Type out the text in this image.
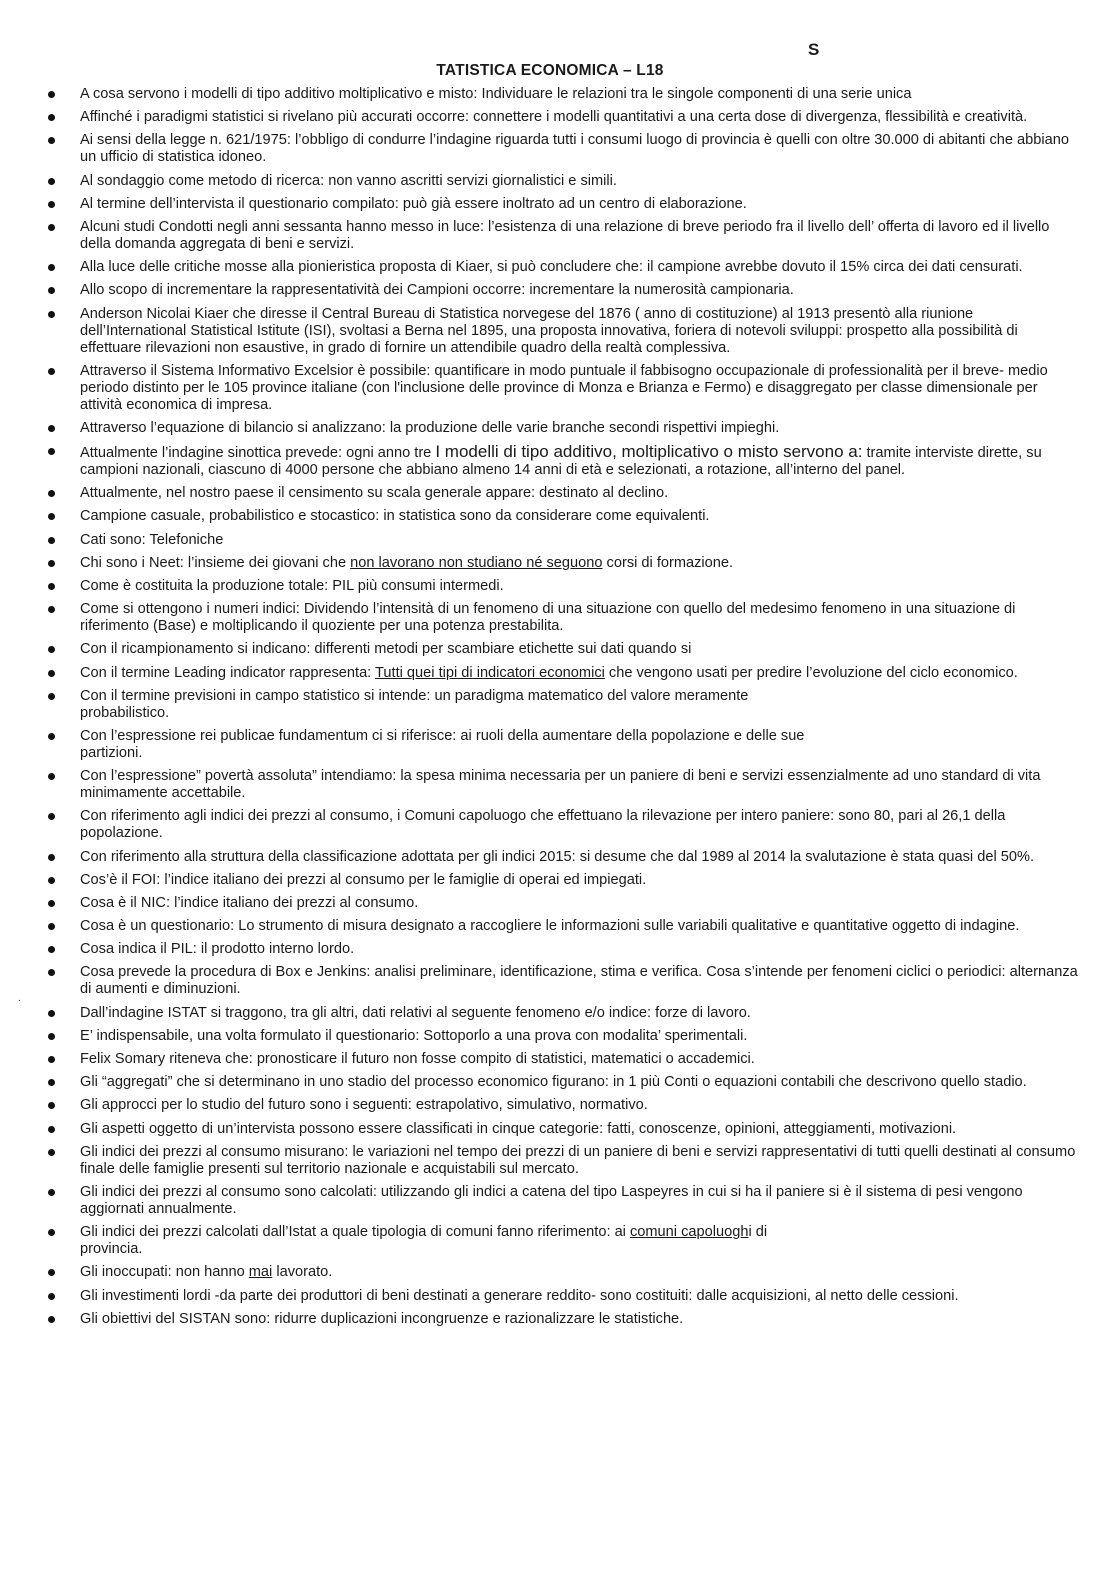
S
TATISTICA ECONOMICA – L18
.
A cosa servono i modelli di tipo additivo moltiplicativo e misto: Individuare le relazioni tra le singole componenti di una serie unica
Affinché i paradigmi statistici si rivelano più accurati occorre: connettere i modelli quantitativi a una certa dose di divergenza, flessibilità e creatività.
Ai sensi della legge n. 621/1975: l’obbligo di condurre l’indagine riguarda tutti i consumi luogo di provincia è quelli con oltre 30.000 di abitanti che abbiano un ufficio di statistica idoneo.
Al sondaggio come metodo di ricerca: non vanno ascritti servizi giornalistici e simili.
Al termine dell’intervista il questionario compilato: può già essere inoltrato ad un centro di elaborazione.
Alcuni studi Condotti negli anni sessanta hanno messo in luce: l’esistenza di una relazione di breve periodo fra il livello dell’ offerta di lavoro ed il livello della domanda aggregata di beni e servizi.
Alla luce delle critiche mosse alla pionieristica proposta di Kiaer, si può concludere che: il campione avrebbe dovuto il 15% circa dei dati censurati.
Allo scopo di incrementare la rappresentatività dei Campioni occorre: incrementare la numerosità campionaria.
Anderson Nicolai Kiaer che diresse il Central Bureau di Statistica norvegese del 1876 ( anno di costituzione) al 1913 presentò alla riunione dell’International Statistical Istitute (ISI), svoltasi a Berna nel 1895, una proposta innovativa, foriera di notevoli sviluppi: prospetto alla possibilità di effettuare rilevazioni non esaustive, in grado di fornire un attendibile quadro della realtà complessiva.
Attraverso il Sistema Informativo Excelsior è possibile: quantificare in modo puntuale il fabbisogno occupazionale di professionalità per il breve- medio periodo distinto per le 105 province italiane (con l'inclusione delle province di Monza e Brianza e Fermo) e disaggregato per classe dimensionale per attività economica di impresa.
Attraverso l’equazione di bilancio si analizzano: la produzione delle varie branche secondi rispettivi impieghi.
Attualmente l’indagine sinottica prevede: ogni anno tre I modelli di tipo additivo, moltiplicativo o misto servono a: tramite interviste dirette, su campioni nazionali, ciascuno di 4000 persone che abbiano almeno 14 anni di età e selezionati, a rotazione, all’interno del panel.
Attualmente, nel nostro paese il censimento su scala generale appare: destinato al declino.
Campione casuale, probabilistico e stocastico: in statistica sono da considerare come equivalenti.
Cati sono: Telefoniche
Chi sono i Neet: l’insieme dei giovani che non lavorano non studiano né seguono corsi di formazione.
Come è costituita la produzione totale: PIL più consumi intermedi.
Come si ottengono i numeri indici: Dividendo l’intensità di un fenomeno di una situazione con quello del medesimo fenomeno in una situazione di riferimento (Base) e moltiplicando il quoziente per una potenza prestabilita.
Con il ricampionamento si indicano: differenti metodi per scambiare etichette sui dati quando si
Con il termine Leading indicator rappresenta: Tutti quei tipi di indicatori economici che vengono usati per predire l’evoluzione del ciclo economico.
Con il termine previsioni in campo statistico si intende: un paradigma matematico del valore meramente
probabilistico.
Con l’espressione rei publicae fundamentum ci si riferisce: ai ruoli della aumentare della popolazione e delle sue
partizioni.
Con l’espressione” povertà assoluta” intendiamo: la spesa minima necessaria per un paniere di beni e servizi essenzialmente ad uno standard di vita minimamente accettabile.
Con riferimento agli indici dei prezzi al consumo, i Comuni capoluogo che effettuano la rilevazione per intero paniere: sono 80, pari al 26,1 della popolazione.
Con riferimento alla struttura della classificazione adottata per gli indici 2015: si desume che dal 1989 al 2014 la svalutazione è stata quasi del 50%.
Cos’è il FOI: l’indice italiano dei prezzi al consumo per le famiglie di operai ed impiegati.
Cosa è il NIC: l’indice italiano dei prezzi al consumo.
Cosa è un questionario: Lo strumento di misura designato a raccogliere le informazioni sulle variabili qualitative e quantitative oggetto di indagine.
Cosa indica il PIL: il prodotto interno lordo.
Cosa prevede la procedura di Box e Jenkins: analisi preliminare, identificazione, stima e verifica. Cosa s’intende per fenomeni ciclici o periodici: alternanza di aumenti e diminuzioni.
Dall’indagine ISTAT si traggono, tra gli altri, dati relativi al seguente fenomeno e/o indice: forze di lavoro.
E’ indispensabile, una volta formulato il questionario: Sottoporlo a una prova con modalita’ sperimentali.
Felix Somary riteneva che: pronosticare il futuro non fosse compito di statistici, matematici o accademici.
Gli “aggregati” che si determinano in uno stadio del processo economico figurano: in 1 più Conti o equazioni contabili che descrivono quello stadio.
Gli approcci per lo studio del futuro sono i seguenti: estrapolativo, simulativo, normativo.
Gli aspetti oggetto di un’intervista possono essere classificati in cinque categorie: fatti, conoscenze, opinioni, atteggiamenti, motivazioni.
Gli indici dei prezzi al consumo misurano: le variazioni nel tempo dei prezzi di un paniere di beni e servizi rappresentativi di tutti quelli destinati al consumo finale delle famiglie presenti sul territorio nazionale e acquistabili sul mercato.
Gli indici dei prezzi al consumo sono calcolati: utilizzando gli indici a catena del tipo Laspeyres in cui si ha il paniere si è il sistema di pesi vengono aggiornati annualmente.
Gli indici dei prezzi calcolati dall’Istat a quale tipologia di comuni fanno riferimento: ai comuni capoluoghi di
provincia.
Gli inoccupati: non hanno mai lavorato.
Gli investimenti lordi -da parte dei produttori di beni destinati a generare reddito- sono costituiti: dalle acquisizioni, al netto delle cessioni.
Gli obiettivi del SISTAN sono: ridurre duplicazioni incongruenze e razionalizzare le statistiche.
